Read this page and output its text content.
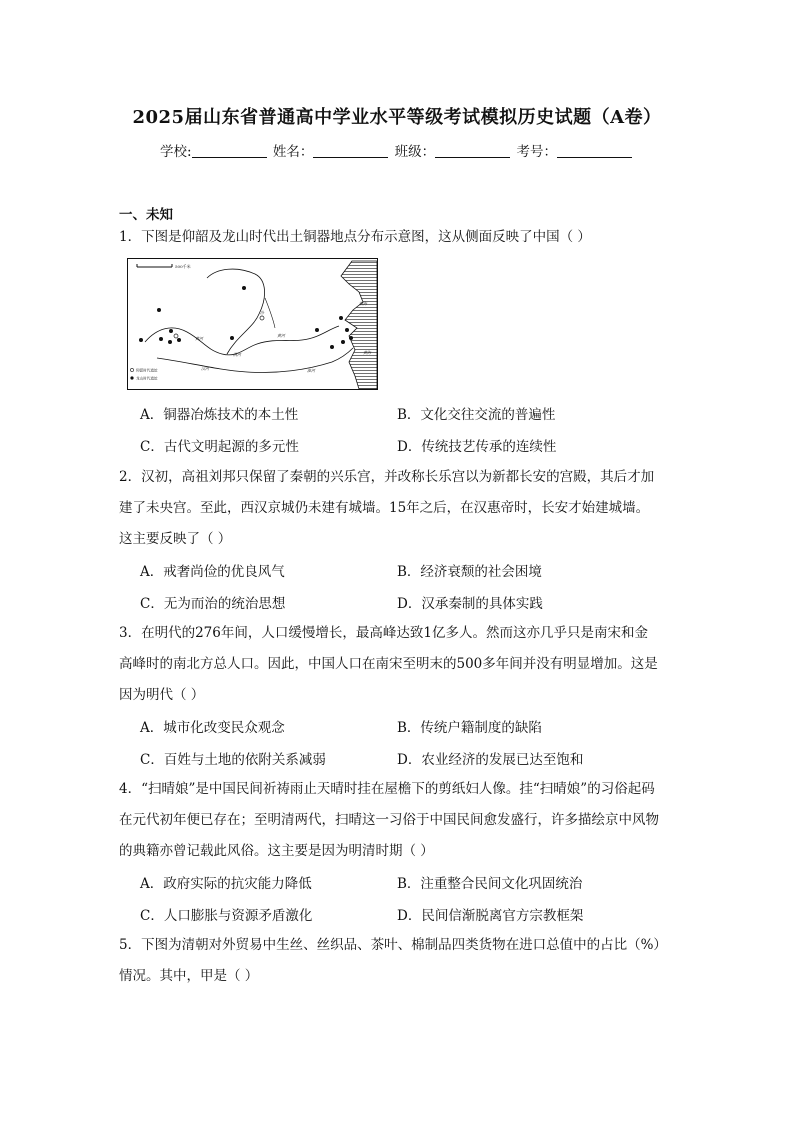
2025届山东省普通高中学业水平等级考试模拟历史试题（A卷）
学校:	姓名：	班级：	考号：
一、未知
1．下图是仰韶及龙山时代出土铜器地点分布示意图，这从侧面反映了中国（ ）
500千米
黄河
黄河
渭河
汉河	淮河
汾
渤海
黄海
仰韶时代遗址
龙山时代遗址
A．铜器冶炼技术的本土性	B．文化交往交流的普遍性
C．古代文明起源的多元性	D．传统技艺传承的连续性
2．汉初，高祖刘邦只保留了秦朝的兴乐宫，并改称长乐宫以为新都长安的宫殿，其后才加
建了未央宫。至此，西汉京城仍未建有城墙。15年之后，在汉惠帝时，长安才始建城墙。
这主要反映了（ ）
A．戒奢尚俭的优良风气	B．经济衰颓的社会困境
C．无为而治的统治思想	D．汉承秦制的具体实践
3．在明代的276年间，人口缓慢增长，最高峰达致1亿多人。然而这亦几乎只是南宋和金
高峰时的南北方总人口。因此，中国人口在南宋至明末的500多年间并没有明显增加。这是
因为明代（ ）
A．城市化改变民众观念	B．传统户籍制度的缺陷
C．百姓与土地的依附关系减弱	D．农业经济的发展已达至饱和
4．“扫晴娘”是中国民间祈祷雨止天晴时挂在屋檐下的剪纸妇人像。挂“扫晴娘”的习俗起码
在元代初年便已存在；至明清两代，扫晴这一习俗于中国民间愈发盛行，许多描绘京中风物
的典籍亦曾记载此风俗。这主要是因为明清时期（ ）
A．政府实际的抗灾能力降低	B．注重整合民间文化巩固统治
C．人口膨胀与资源矛盾激化	D．民间信渐脱离官方宗教框架
5．下图为清朝对外贸易中生丝、丝织品、茶叶、棉制品四类货物在进口总值中的占比（%）
情况。其中，甲是（ ）
